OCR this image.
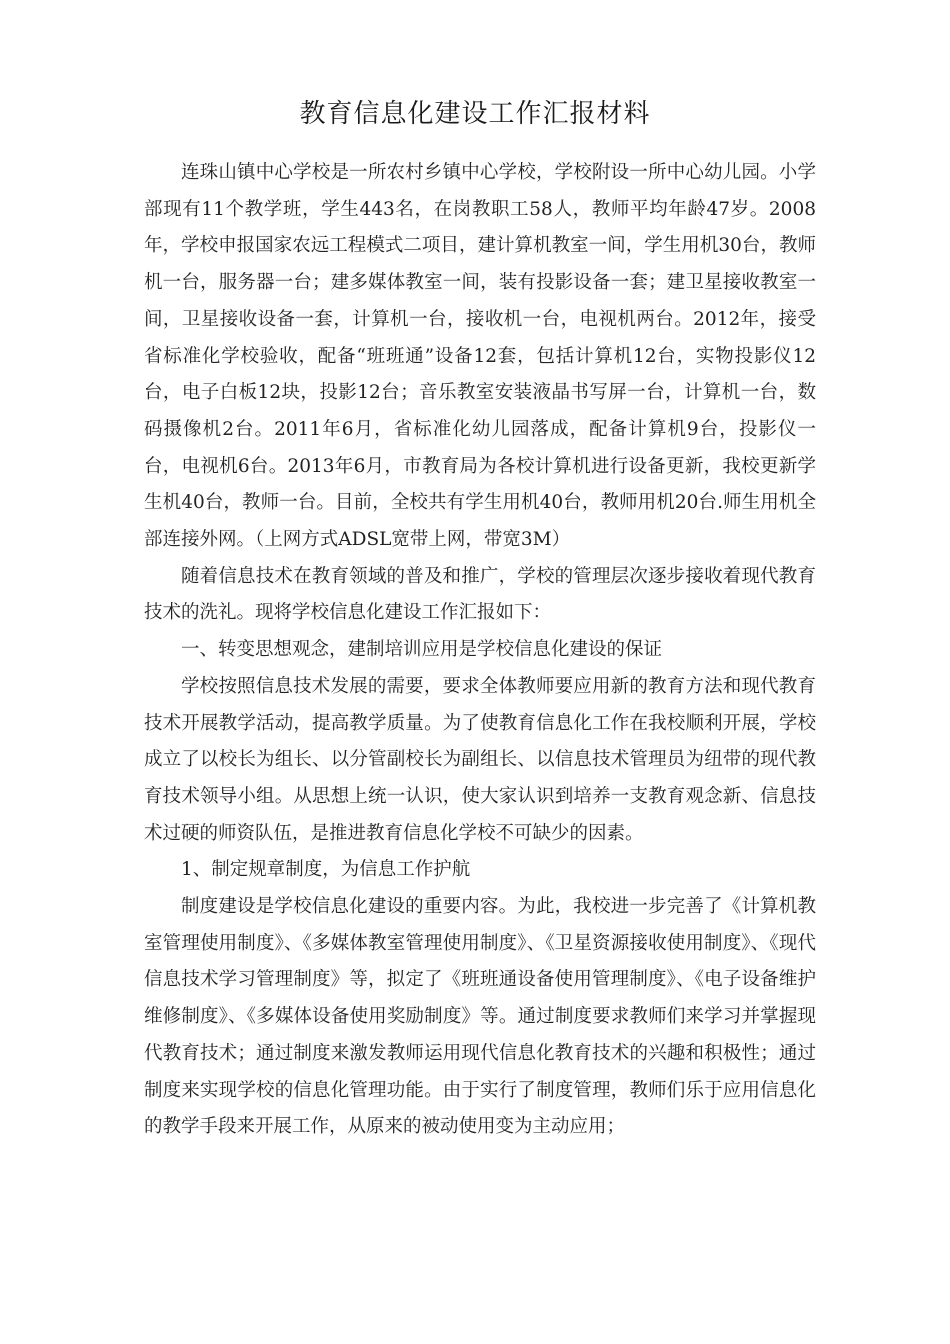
教育信息化建设工作汇报材料

连珠山镇中心学校是一所农村乡镇中心学校，学校附设一所中心幼儿园。小学部现有11个教学班，学生443名，在岗教职工58人，教师平均年龄47岁。2008年，学校申报国家农远工程模式二项目，建计算机教室一间，学生用机30台，教师机一台，服务器一台；建多媒体教室一间，装有投影设备一套；建卫星接收教室一间，卫星接收设备一套，计算机一台，接收机一台，电视机两台。2012年，接受省标准化学校验收，配备“班班通”设备12套，包括计算机12台，实物投影仪12台，电子白板12块，投影12台；音乐教室安装液晶书写屏一台，计算机一台，数码摄像机2台。2011年6月，省标准化幼儿园落成，配备计算机9台，投影仪一台，电视机6台。2013年6月，市教育局为各校计算机进行设备更新，我校更新学生机40台，教师一台。目前，全校共有学生用机40台，教师用机20台.师生用机全部连接外网。（上网方式ADSL宽带上网，带宽3M）

随着信息技术在教育领域的普及和推广，学校的管理层次逐步接收着现代教育技术的洗礼。现将学校信息化建设工作汇报如下：

一、转变思想观念，建制培训应用是学校信息化建设的保证

学校按照信息技术发展的需要，要求全体教师要应用新的教育方法和现代教育技术开展教学活动，提高教学质量。为了使教育信息化工作在我校顺利开展，学校成立了以校长为组长、以分管副校长为副组长、以信息技术管理员为纽带的现代教育技术领导小组。从思想上统一认识，使大家认识到培养一支教育观念新、信息技术过硬的师资队伍，是推进教育信息化学校不可缺少的因素。

1、制定规章制度，为信息工作护航

制度建设是学校信息化建设的重要内容。为此，我校进一步完善了《计算机教室管理使用制度》、《多媒体教室管理使用制度》、《卫星资源接收使用制度》、《现代信息技术学习管理制度》等，拟定了《班班通设备使用管理制度》、《电子设备维护维修制度》、《多媒体设备使用奖励制度》等。通过制度要求教师们来学习并掌握现代教育技术；通过制度来激发教师运用现代信息化教育技术的兴趣和积极性；通过制度来实现学校的信息化管理功能。由于实行了制度管理，教师们乐于应用信息化的教学手段来开展工作，从原来的被动使用变为主动应用；
